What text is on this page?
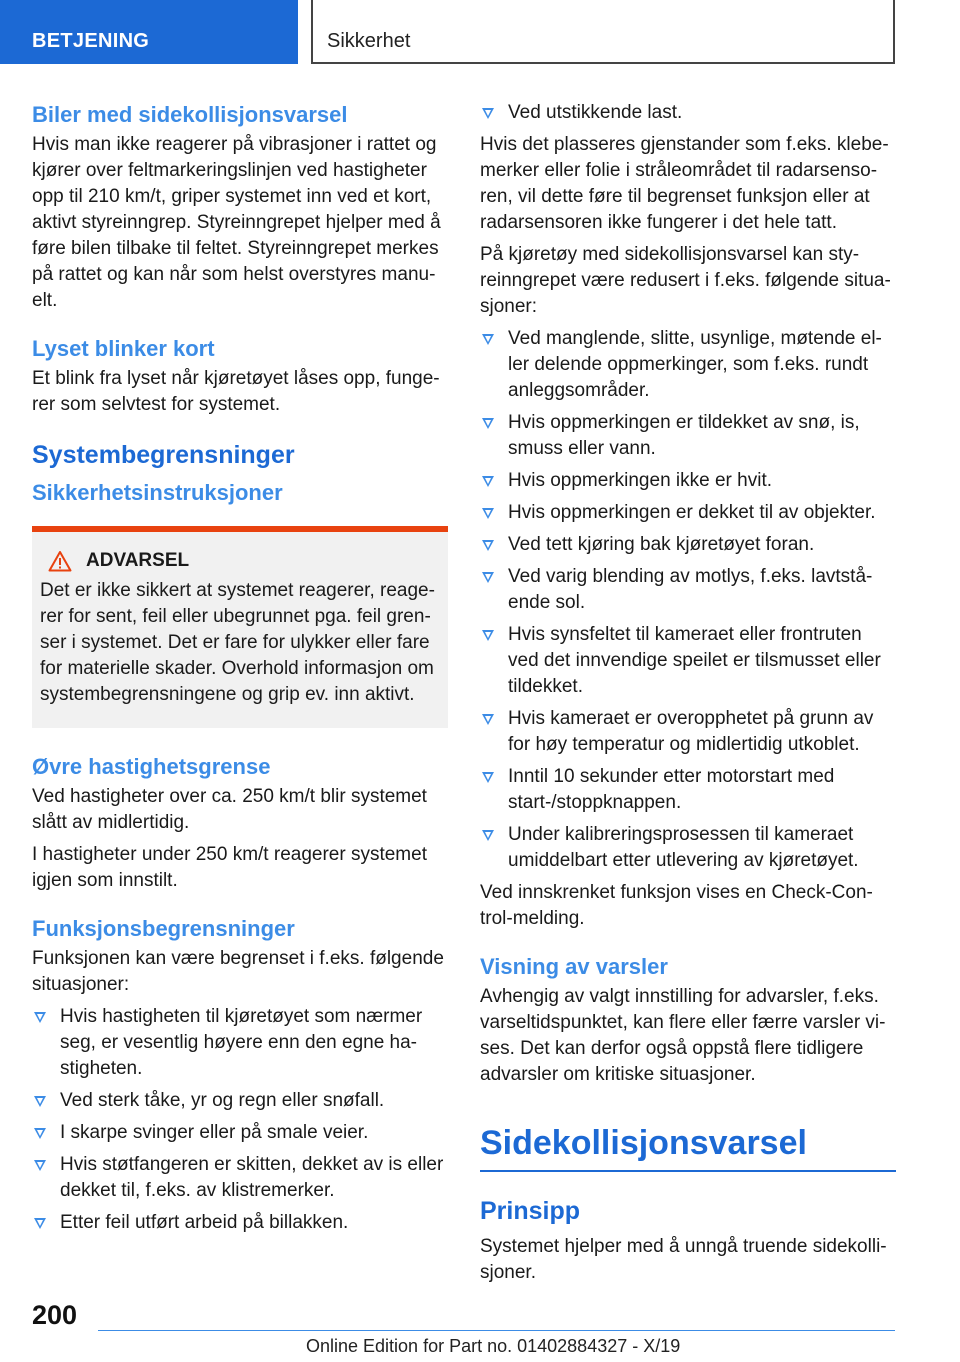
BETJENING	Sikkerhet
Biler med sidekollisjonsvarsel

Hvis man ikke reagerer på vibrasjoner i rattet og kjører over feltmarkeringslinjen ved hastigheter opp til 210 km/t, griper systemet inn ved et kort, aktivt styreinngrep. Styreinngrepet hjelper med å føre bilen tilbake til feltet. Styreinngrepet merkes på rattet og kan når som helst overstyres manu-elt.

Lyset blinker kort

Et blink fra lyset når kjøretøyet låses opp, funge-rer som selvtest for systemet.

Systembegrensninger
Sikkerhetsinstruksjoner
ADVARSEL

Det er ikke sikkert at systemet reagerer, reage-rer for sent, feil eller ubegrunnet pga. feil gren-ser i systemet. Det er fare for ulykker eller fare for materielle skader. Overhold informasjon om systembegrensningene og grip ev. inn aktivt.

Øvre hastighetsgrense

Ved hastigheter over ca. 250 km/t blir systemet slått av midlertidig.

I hastigheter under 250 km/t reagerer systemet igjen som innstilt.

Funksjonsbegrensninger

Funksjonen kan være begrenset i f.eks. følgende situasjoner:

Hvis hastigheten til kjøretøyet som nærmer seg, er vesentlig høyere enn den egne ha-stigheten.
Ved sterk tåke, yr og regn eller snøfall.
I skarpe svinger eller på smale veier.
Hvis støtfangeren er skitten, dekket av is eller dekket til, f.eks. av klistremerker.
Etter feil utført arbeid på billakken.
Ved utstikkende last.

Hvis det plasseres gjenstander som f.eks. klebe-merker eller folie i stråleområdet til radarsenso-ren, vil dette føre til begrenset funksjon eller at radarsensoren ikke fungerer i det hele tatt.

På kjøretøy med sidekollisjonsvarsel kan sty-reinngrepet være redusert i f.eks. følgende situa-sjoner:

Ved manglende, slitte, usynlige, møtende el-ler delende oppmerkinger, som f.eks. rundt anleggsområder.
Hvis oppmerkingen er tildekket av snø, is, smuss eller vann.
Hvis oppmerkingen ikke er hvit.
Hvis oppmerkingen er dekket til av objekter.
Ved tett kjøring bak kjøretøyet foran.
Ved varig blending av motlys, f.eks. lavtstå-ende sol.
Hvis synsfeltet til kameraet eller frontruten ved det innvendige speilet er tilsmusset eller tildekket.
Hvis kameraet er overopphetet på grunn av for høy temperatur og midlertidig utkoblet.
Inntil 10 sekunder etter motorstart med start-/stoppknappen.
Under kalibreringsprosessen til kameraet umiddelbart etter utlevering av kjøretøyet.

Ved innskrenket funksjon vises en Check-Con-trol-melding.

Visning av varsler

Avhengig av valgt innstilling for advarsler, f.eks. varseltidspunktet, kan flere eller færre varsler vi-ses. Det kan derfor også oppstå flere tidligere advarsler om kritiske situasjoner.

Sidekollisjonsvarsel
Prinsipp

Systemet hjelper med å unngå truende sidekolli-sjoner.

200
Online Edition for Part no. 01402884327 - X/19
